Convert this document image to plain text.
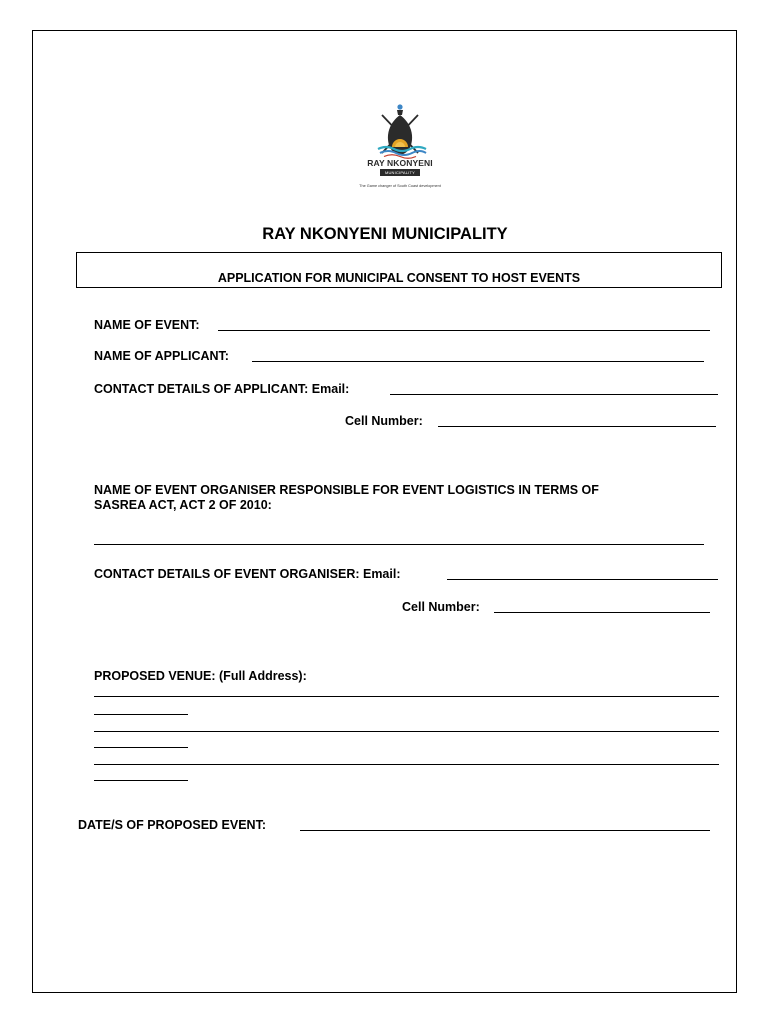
RAY NKONYENI
MUNICIPALITY
The Game changer of South Coast development
RAY NKONYENI MUNICIPALITY
APPLICATION FOR MUNICIPAL CONSENT TO HOST EVENTS
NAME OF EVENT:
NAME OF APPLICANT:
CONTACT DETAILS OF APPLICANT: Email:
Cell Number:
NAME OF EVENT ORGANISER RESPONSIBLE FOR EVENT LOGISTICS IN TERMS OF
SASREA ACT, ACT 2 OF 2010:
CONTACT DETAILS OF EVENT ORGANISER: Email:
Cell Number:
PROPOSED VENUE: (Full Address):
DATE/S OF PROPOSED EVENT:
